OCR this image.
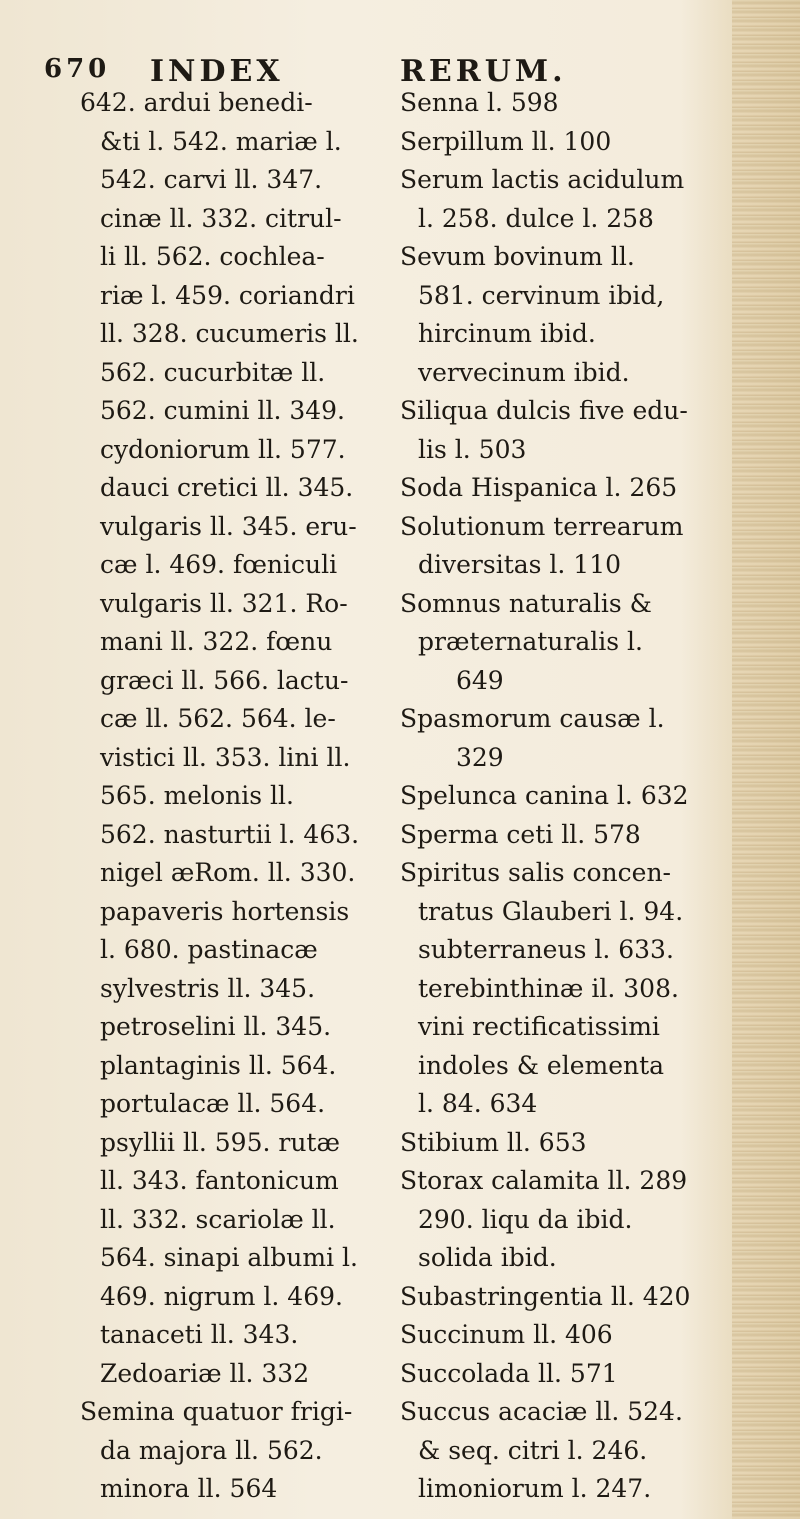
670 INDEX	RERUM.
642. ardui benedi-
&ti l. 542. mariæ l.
542. carvi ll. 347.
cinæ ll. 332. citrul-
li ll. 562. cochlea-
riæ l. 459. coriandri
ll. 328. cucumeris ll.
562. cucurbitæ ll.
562. cumini ll. 349.
cydoniorum ll. 577.
dauci cretici ll. 345.
vulgaris ll. 345. eru-
cæ l. 469. fœniculi
vulgaris ll. 321. Ro-
mani ll. 322. fœnu
græci ll. 566. lactu-
cæ ll. 562. 564. le-
vistici ll. 353. lini ll.
565. melonis ll.
562. nasturtii l. 463.
nigel æRom. ll. 330.
papaveris hortensis
l. 680. pastinacæ
sylvestris ll. 345.
petroselini ll. 345.
plantaginis ll. 564.
portulacæ ll. 564.
psyllii ll. 595. rutæ
ll. 343. fantonicum
ll. 332. scariolæ ll.
564. sinapi albumi l.
469. nigrum l. 469.
tanaceti ll. 343.
Zedoariæ ll. 332
Semina quatuor frigi-
da majora ll. 562.
minora ll. 564
Senna l. 598
Serpillum ll. 100
Serum lactis acidulum
l. 258. dulce l. 258
Sevum bovinum ll.
581. cervinum ibid,
hircinum ibid.
vervecinum ibid.
Siliqua dulcis five edu-
lis l. 503
Soda Hispanica l. 265
Solutionum terrearum
diversitas l. 110
Somnus naturalis &
præternaturalis l.
649
Spasmorum causæ l.
329
Spelunca canina l. 632
Sperma ceti ll. 578
Spiritus salis concen-
tratus Glauberi l. 94.
subterraneus l. 633.
terebinthinæ il. 308.
vini rectificatissimi
indoles & elementa
l. 84. 634
Stibium ll. 653
Storax calamita ll. 289
290. liqu da ibid.
solida ibid.
Subastringentia ll. 420
Succinum ll. 406
Succolada ll. 571
Succus acaciæ ll. 524.
& seq. citri l. 246.
limoniorum l. 247.
